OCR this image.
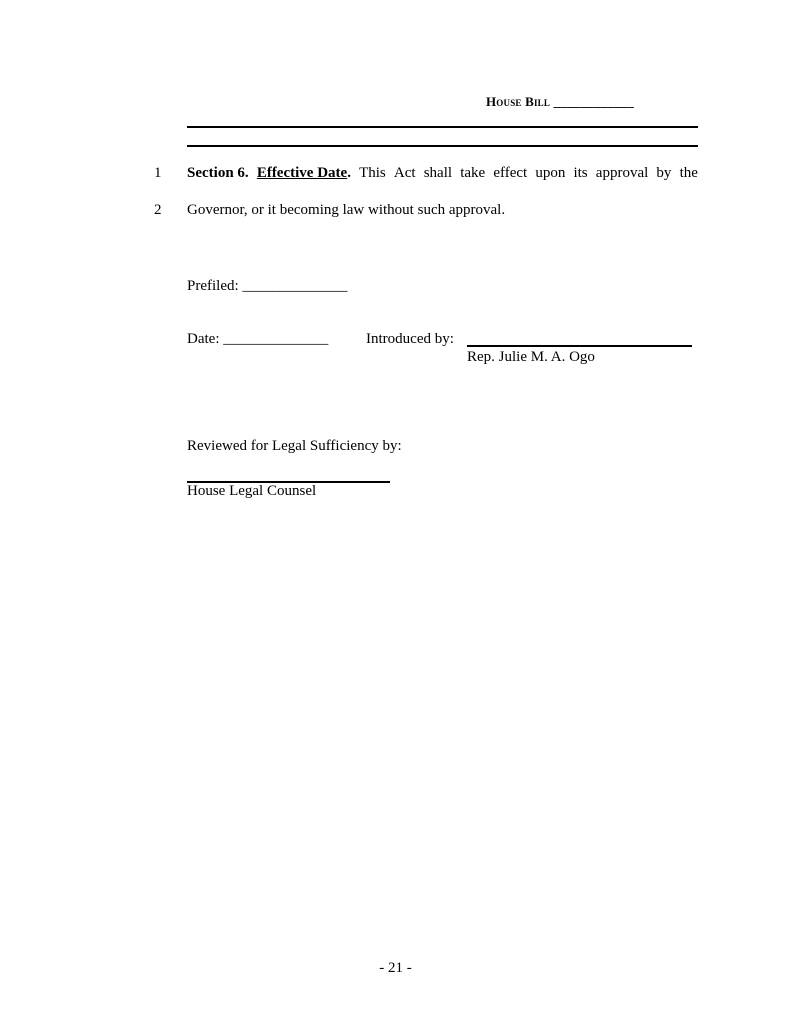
House Bill ____________
1
2
Section 6. Effective Date. This Act shall take effect upon its approval by the
Governor, or it becoming law without such approval.
Prefiled: ______________
Date: ______________	Introduced by:
Rep. Julie M. A. Ogo
Reviewed for Legal Sufficiency by:
House Legal Counsel
- 21 -
